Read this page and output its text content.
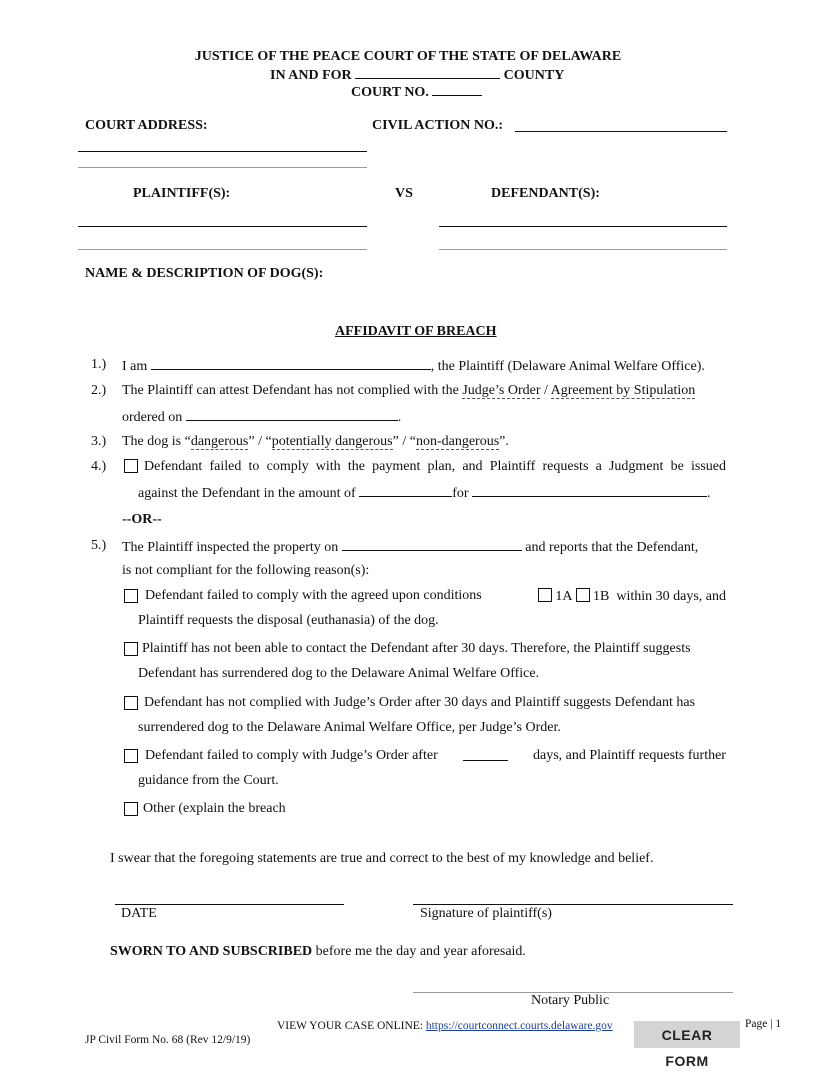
JUSTICE OF THE PEACE COURT OF THE STATE OF DELAWARE
IN AND FOR	COUNTY
COURT NO.
COURT ADDRESS:	CIVIL ACTION NO.:
PLAINTIFF(S):	VS	DEFENDANT(S):
NAME & DESCRIPTION OF DOG(S):
AFFIDAVIT OF BREACH
1.) I am	, the Plaintiff (Delaware Animal Welfare Office).
2.) The Plaintiff can attest Defendant has not complied with the Judge’s Order / Agreement by Stipulation
ordered on	.
3.) The dog is “dangerous” / “potentially dangerous” / “non-dangerous”.
4.)	Defendant failed to comply with the payment plan, and Plaintiff requests a Judgment be issued
against the Defendant in the amount of	for	.
--OR--
5.) The Plaintiff inspected the property on	and reports that the Defendant,
is not compliant for the following reason(s):
Defendant failed to comply with the agreed upon conditions	1A 1B within 30 days, and
Plaintiff requests the disposal (euthanasia) of the dog.
Plaintiff has not been able to contact the Defendant after 30 days. Therefore, the Plaintiff suggests
Defendant has surrendered dog to the Delaware Animal Welfare Office.
Defendant has not complied with Judge’s Order after 30 days and Plaintiff suggests Defendant has
surrendered dog to the Delaware Animal Welfare Office, per Judge’s Order.
Defendant failed to comply with Judge’s Order after	days, and Plaintiff requests further
guidance from the Court.
Other (explain the breach
I swear that the foregoing statements are true and correct to the best of my knowledge and belief.
DATE	Signature of plaintiff(s)
SWORN TO AND SUBSCRIBED before me the day and year aforesaid.
Notary Public
VIEW YOUR CASE ONLINE: https://courtconnect.courts.delaware.gov
JP Civil Form No. 68 (Rev 12/9/19)
Page | 1
CLEAR FORM
